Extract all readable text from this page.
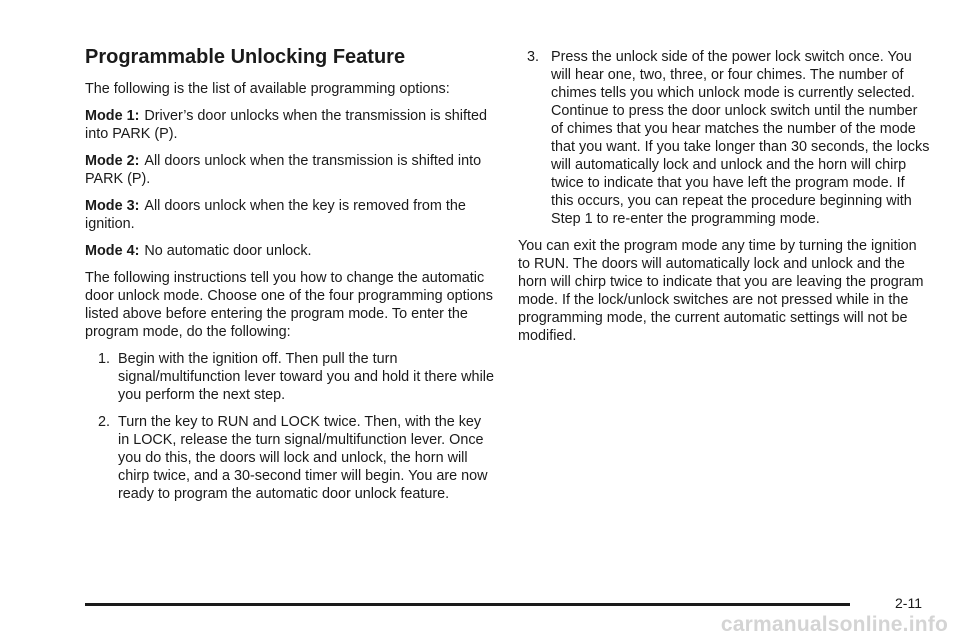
Programmable Unlocking Feature

The following is the list of available programming options:

Mode 1: Driver’s door unlocks when the transmission is shifted into PARK (P).

Mode 2: All doors unlock when the transmission is shifted into PARK (P).

Mode 3: All doors unlock when the key is removed from the ignition.

Mode 4: No automatic door unlock.

The following instructions tell you how to change the automatic door unlock mode. Choose one of the four programming options listed above before entering the program mode. To enter the program mode, do the following:

1. Begin with the ignition off. Then pull the turn signal/multifunction lever toward you and hold it there while you perform the next step.
2. Turn the key to RUN and LOCK twice. Then, with the key in LOCK, release the turn signal/multifunction lever. Once you do this, the doors will lock and unlock, the horn will chirp twice, and a 30-second timer will begin. You are now ready to program the automatic door unlock feature.
3. Press the unlock side of the power lock switch once. You will hear one, two, three, or four chimes. The number of chimes tells you which unlock mode is currently selected. Continue to press the door unlock switch until the number of chimes that you hear matches the number of the mode that you want. If you take longer than 30 seconds, the locks will automatically lock and unlock and the horn will chirp twice to indicate that you have left the program mode. If this occurs, you can repeat the procedure beginning with Step 1 to re-enter the programming mode.

You can exit the program mode any time by turning the ignition to RUN. The doors will automatically lock and unlock and the horn will chirp twice to indicate that you are leaving the program mode. If the lock/unlock switches are not pressed while in the programming mode, the current automatic settings will not be modified.

2-11
carmanualsonline.info
